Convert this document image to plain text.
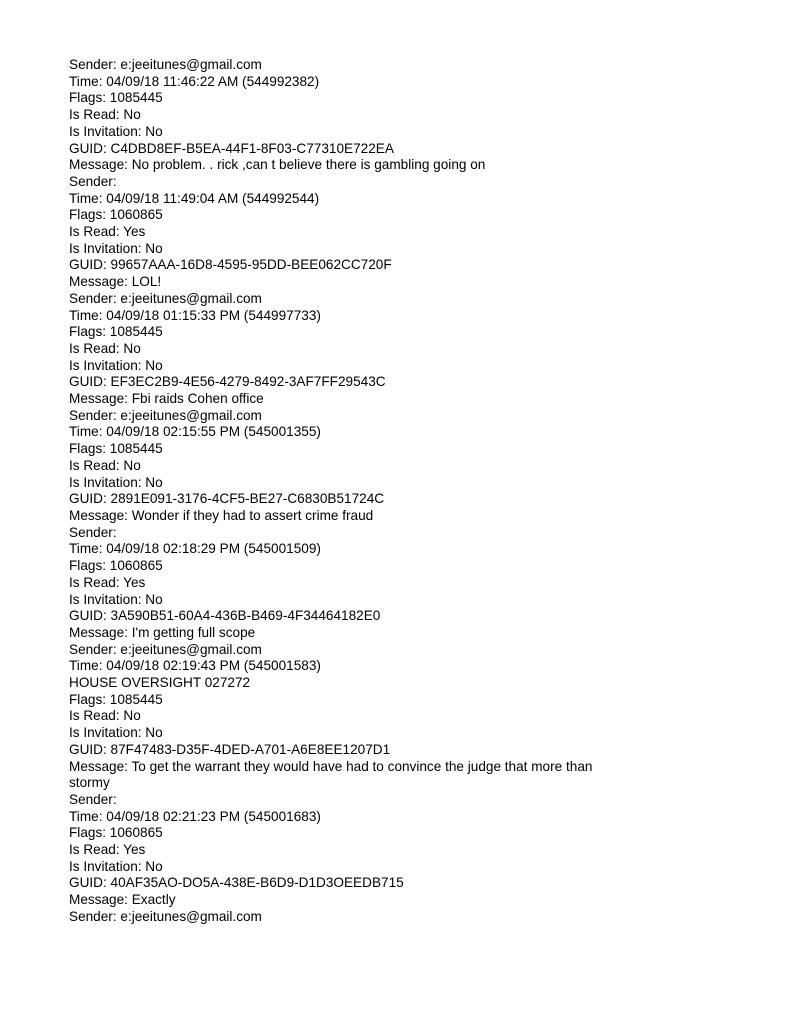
Sender: e:jeeitunes@gmail.com
Time: 04/09/18 11:46:22 AM (544992382)
Flags: 1085445
Is Read: No
Is Invitation: No
GUID: C4DBD8EF-B5EA-44F1-8F03-C77310E722EA
Message: No problem. . rick ,can t believe there is gambling going on
Sender:
Time: 04/09/18 11:49:04 AM (544992544)
Flags: 1060865
Is Read: Yes
Is Invitation: No
GUID: 99657AAA-16D8-4595-95DD-BEE062CC720F
Message: LOL!
Sender: e:jeeitunes@gmail.com
Time: 04/09/18 01:15:33 PM (544997733)
Flags: 1085445
Is Read: No
Is Invitation: No
GUID: EF3EC2B9-4E56-4279-8492-3AF7FF29543C
Message: Fbi raids Cohen office
Sender: e:jeeitunes@gmail.com
Time: 04/09/18 02:15:55 PM (545001355)
Flags: 1085445
Is Read: No
Is Invitation: No
GUID: 2891E091-3176-4CF5-BE27-C6830B51724C
Message: Wonder if they had to assert crime fraud
Sender:
Time: 04/09/18 02:18:29 PM (545001509)
Flags: 1060865
Is Read: Yes
Is Invitation: No
GUID: 3A590B51-60A4-436B-B469-4F34464182E0
Message: I'm getting full scope
Sender: e:jeeitunes@gmail.com
Time: 04/09/18 02:19:43 PM (545001583)
HOUSE OVERSIGHT 027272
Flags: 1085445
Is Read: No
Is Invitation: No
GUID: 87F47483-D35F-4DED-A701-A6E8EE1207D1
Message: To get the warrant they would have had to convince the judge that more than
stormy
Sender:
Time: 04/09/18 02:21:23 PM (545001683)
Flags: 1060865
Is Read: Yes
Is Invitation: No
GUID: 40AF35AO-DO5A-438E-B6D9-D1D3OEEDB715
Message: Exactly
Sender: e:jeeitunes@gmail.com
